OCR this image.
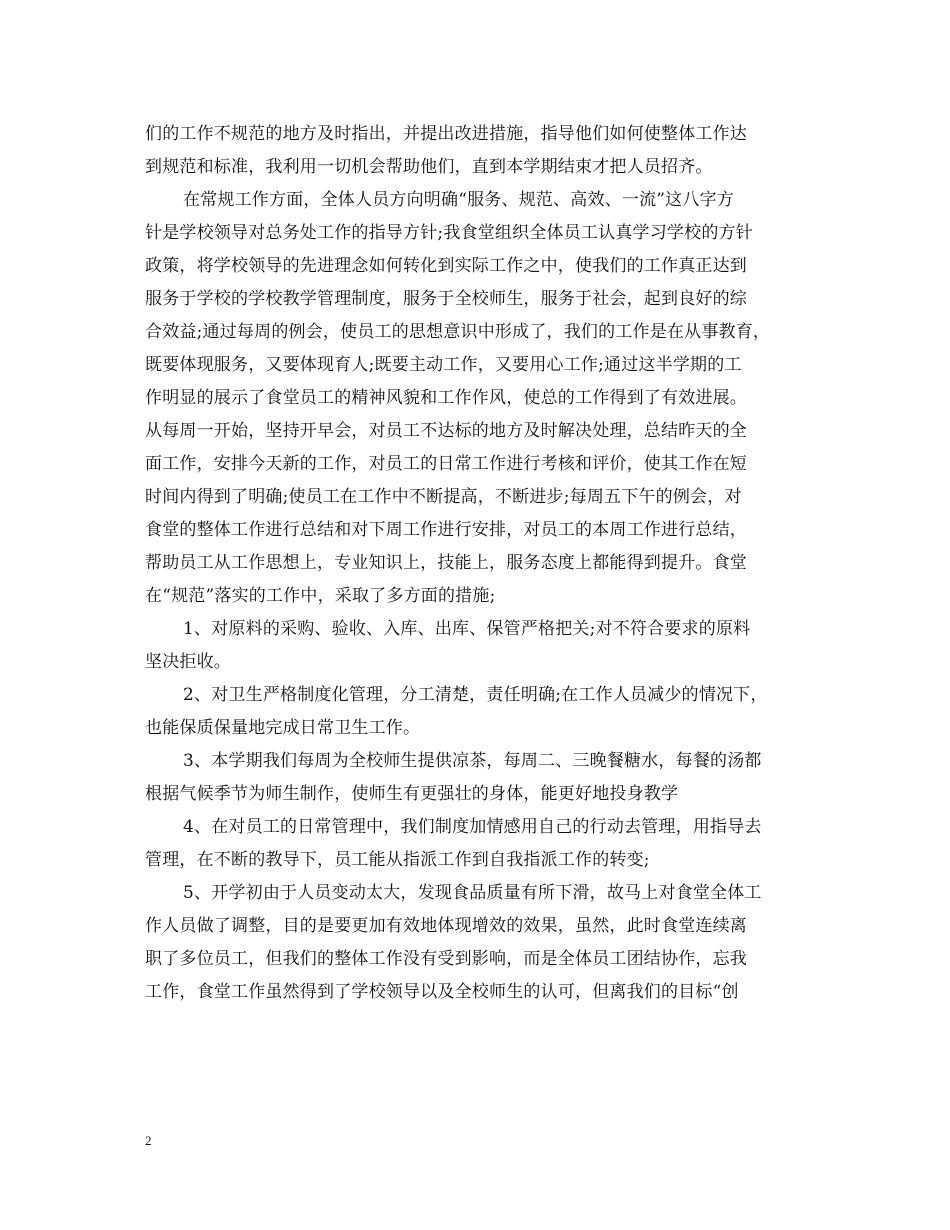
们的工作不规范的地方及时指出，并提出改进措施，指导他们如何使整体工作达
到规范和标准，我利用一切机会帮助他们，直到本学期结束才把人员招齐。
在常规工作方面，全体人员方向明确“服务、规范、高效、一流”这八字方
针是学校领导对总务处工作的指导方针;我食堂组织全体员工认真学习学校的方针
政策，将学校领导的先进理念如何转化到实际工作之中，使我们的工作真正达到
服务于学校的学校教学管理制度，服务于全校师生，服务于社会，起到良好的综
合效益;通过每周的例会，使员工的思想意识中形成了，我们的工作是在从事教育，
既要体现服务，又要体现育人;既要主动工作，又要用心工作;通过这半学期的工
作明显的展示了食堂员工的精神风貌和工作作风，使总的工作得到了有效进展。
从每周一开始，坚持开早会，对员工不达标的地方及时解决处理，总结昨天的全
面工作，安排今天新的工作，对员工的日常工作进行考核和评价，使其工作在短
时间内得到了明确;使员工在工作中不断提高，不断进步;每周五下午的例会，对
食堂的整体工作进行总结和对下周工作进行安排，对员工的本周工作进行总结，
帮助员工从工作思想上，专业知识上，技能上，服务态度上都能得到提升。食堂
在“规范”落实的工作中，采取了多方面的措施;
1、对原料的采购、验收、入库、出库、保管严格把关;对不符合要求的原料
坚决拒收。
2、对卫生严格制度化管理，分工清楚，责任明确;在工作人员减少的情况下，
也能保质保量地完成日常卫生工作。
3、本学期我们每周为全校师生提供凉茶，每周二、三晚餐糖水，每餐的汤都
根据气候季节为师生制作，使师生有更强壮的身体，能更好地投身教学
4、在对员工的日常管理中，我们制度加情感用自己的行动去管理，用指导去
管理，在不断的教导下，员工能从指派工作到自我指派工作的转变;
5、开学初由于人员变动太大，发现食品质量有所下滑，故马上对食堂全体工
作人员做了调整，目的是要更加有效地体现增效的效果，虽然，此时食堂连续离
职了多位员工，但我们的整体工作没有受到影响，而是全体员工团结协作，忘我
工作，食堂工作虽然得到了学校领导以及全校师生的认可，但离我们的目标“创
2
